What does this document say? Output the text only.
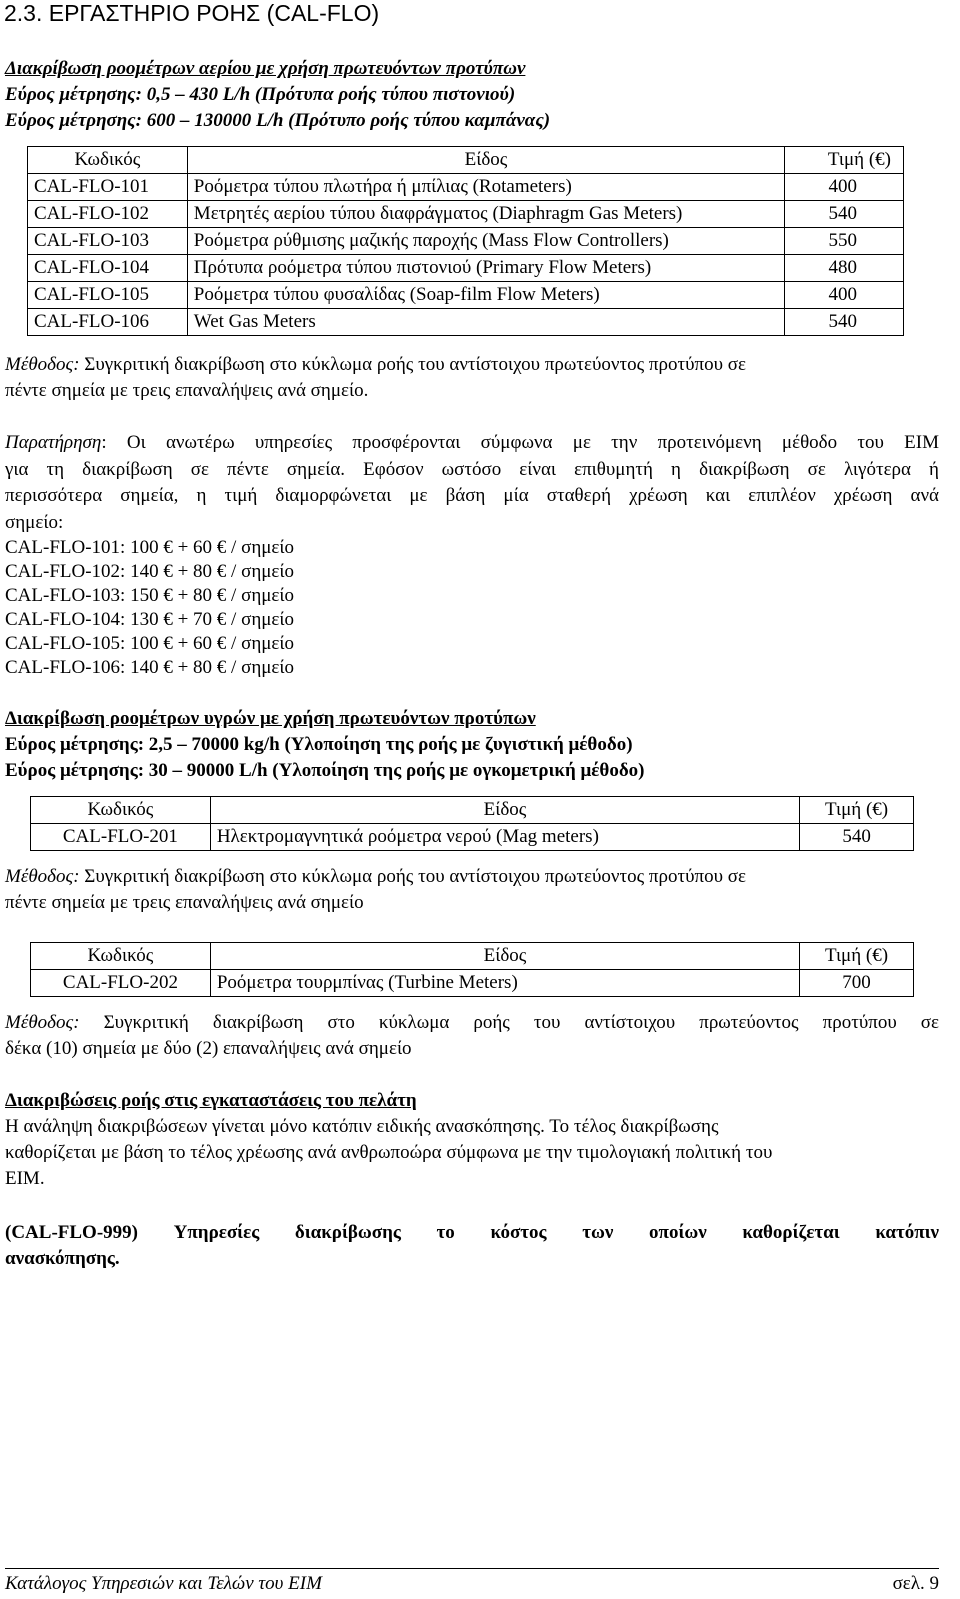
2.3. ΕΡΓΑΣΤΗΡΙΟ ΡΟΗΣ (CAL-FLO)
Διακρίβωση ροομέτρων αερίου με χρήση πρωτευόντων προτύπων
Εύρος μέτρησης: 0,5 – 430 L/h (Πρότυπα ροής τύπου πιστονιού)
Εύρος μέτρησης: 600 – 130000 L/h (Πρότυπο ροής τύπου καμπάνας)
Κωδικός	Είδος	Τιμή (€)
CAL-FLO-101	Ροόμετρα τύπου πλωτήρα ή μπίλιας (Rotameters)	400
CAL-FLO-102	Μετρητές αερίου τύπου διαφράγματος (Diaphragm Gas Meters)	540
CAL-FLO-103	Ροόμετρα ρύθμισης μαζικής παροχής (Mass Flow Controllers)	550
CAL-FLO-104	Πρότυπα ροόμετρα τύπου πιστονιού (Primary Flow Meters)	480
CAL-FLO-105	Ροόμετρα τύπου φυσαλίδας (Soap-film Flow Meters)	400
CAL-FLO-106	Wet Gas Meters	540
Μέθοδος: Συγκριτική διακρίβωση στο κύκλωμα ροής του αντίστοιχου πρωτεύοντος προτύπου σε
πέντε σημεία με τρεις επαναλήψεις ανά σημείο.
Παρατήρηση: Οι ανωτέρω υπηρεσίες προσφέρονται σύμφωνα με την προτεινόμενη μέθοδο του ΕΙΜ
για τη διακρίβωση σε πέντε σημεία. Εφόσον ωστόσο είναι επιθυμητή η διακρίβωση σε λιγότερα ή
περισσότερα σημεία, η τιμή διαμορφώνεται με βάση μία σταθερή χρέωση και επιπλέον χρέωση ανά
σημείο:
CAL-FLO-101: 100 € + 60 € / σημείο
CAL-FLO-102: 140 € + 80 € / σημείο
CAL-FLO-103: 150 € + 80 € / σημείο
CAL-FLO-104: 130 € + 70 € / σημείο
CAL-FLO-105: 100 € + 60 € / σημείο
CAL-FLO-106: 140 € + 80 € / σημείο
Διακρίβωση ροομέτρων υγρών με χρήση πρωτευόντων προτύπων
Εύρος μέτρησης: 2,5 – 70000 kg/h (Υλοποίηση της ροής με ζυγιστική μέθοδο)
Εύρος μέτρησης: 30 – 90000 L/h (Υλοποίηση της ροής με ογκομετρική μέθοδο)
Κωδικός	Είδος	Τιμή (€)
CAL-FLO-201	Ηλεκτρομαγνητικά ροόμετρα νερού (Mag meters)	540
Μέθοδος: Συγκριτική διακρίβωση στο κύκλωμα ροής του αντίστοιχου πρωτεύοντος προτύπου σε
πέντε σημεία με τρεις επαναλήψεις ανά σημείο
Κωδικός	Είδος	Τιμή (€)
CAL-FLO-202	Ροόμετρα τουρμπίνας (Turbine Meters)	700
Μέθοδος: Συγκριτική διακρίβωση στο κύκλωμα ροής του αντίστοιχου πρωτεύοντος προτύπου σε
δέκα (10) σημεία με δύο (2) επαναλήψεις ανά σημείο
Διακριβώσεις ροής στις εγκαταστάσεις του πελάτη
Η ανάληψη διακριβώσεων γίνεται μόνο κατόπιν ειδικής ανασκόπησης. Το τέλος διακρίβωσης
καθορίζεται με βάση το τέλος χρέωσης ανά ανθρωποώρα σύμφωνα με την τιμολογιακή πολιτική του
ΕΙΜ.
(CAL-FLO-999) Υπηρεσίες διακρίβωσης το κόστος των οποίων καθορίζεται κατόπιν
ανασκόπησης.
Κατάλογος Υπηρεσιών και Τελών του ΕΙΜ	σελ. 9
